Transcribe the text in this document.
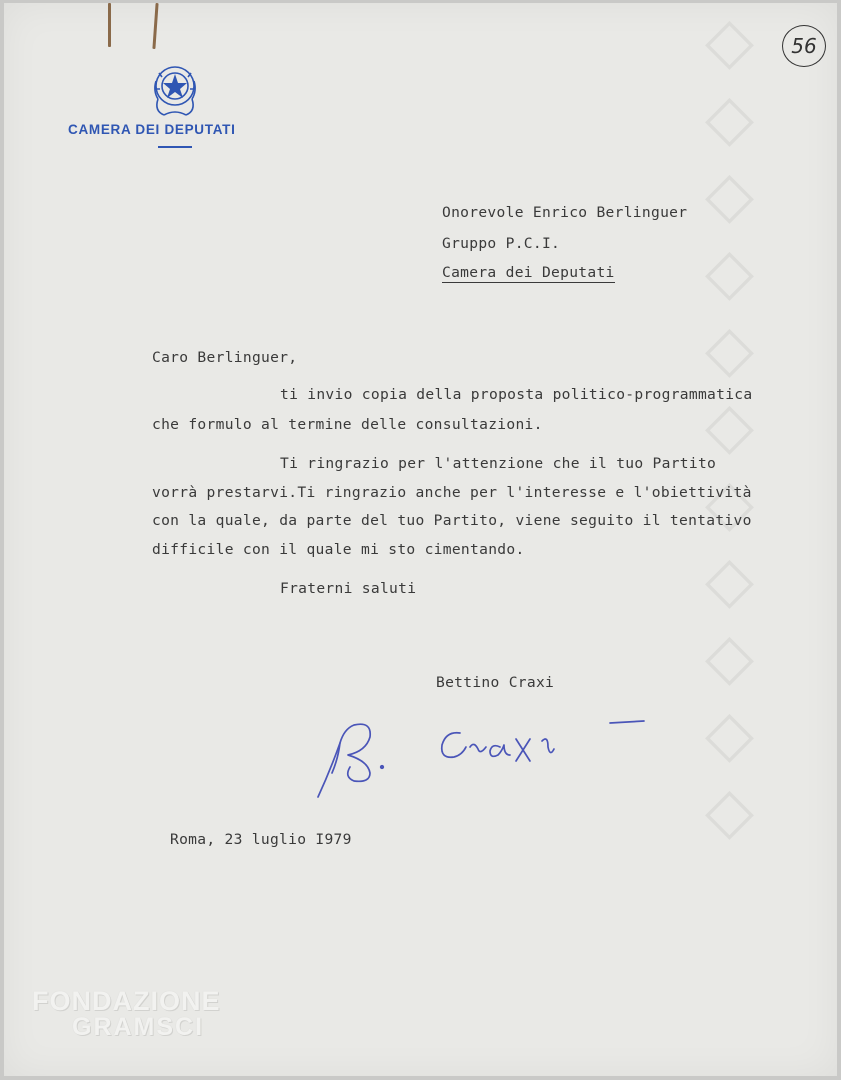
◇◇◇◇◇◇◇◇◇◇◇
CAMERA DEI DEPUTATI
56
Onorevole Enrico Berlinguer
Gruppo P.C.I.
Camera dei Deputati
Caro Berlinguer,
ti invio copia della proposta politico-programmatica
che formulo al termine delle consultazioni.
Ti ringrazio per l'attenzione che il tuo Partito
vorrà prestarvi.Ti ringrazio anche per l'interesse e l'obiettività
con la quale, da parte del tuo Partito, viene seguito il tentativo
difficile con il quale mi sto cimentando.
Fraterni saluti
Bettino Craxi
Roma, 23 luglio I979
FONDAZIONE
GRAMSCI
